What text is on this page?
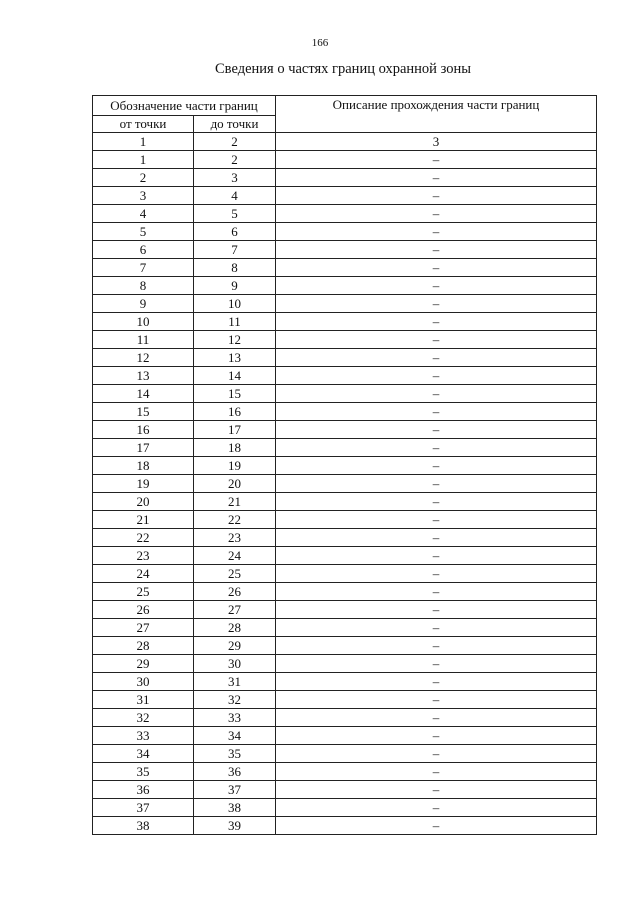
166
Сведения о частях границ охранной зоны
Обозначение части границ		Описание прохождения части границ
от точки	до точки	
1	2	3
1	2	–
2	3	–
3	4	–
4	5	–
5	6	–
6	7	–
7	8	–
8	9	–
9	10	–
10	11	–
11	12	–
12	13	–
13	14	–
14	15	–
15	16	–
16	17	–
17	18	–
18	19	–
19	20	–
20	21	–
21	22	–
22	23	–
23	24	–
24	25	–
25	26	–
26	27	–
27	28	–
28	29	–
29	30	–
30	31	–
31	32	–
32	33	–
33	34	–
34	35	–
35	36	–
36	37	–
37	38	–
38	39	–
